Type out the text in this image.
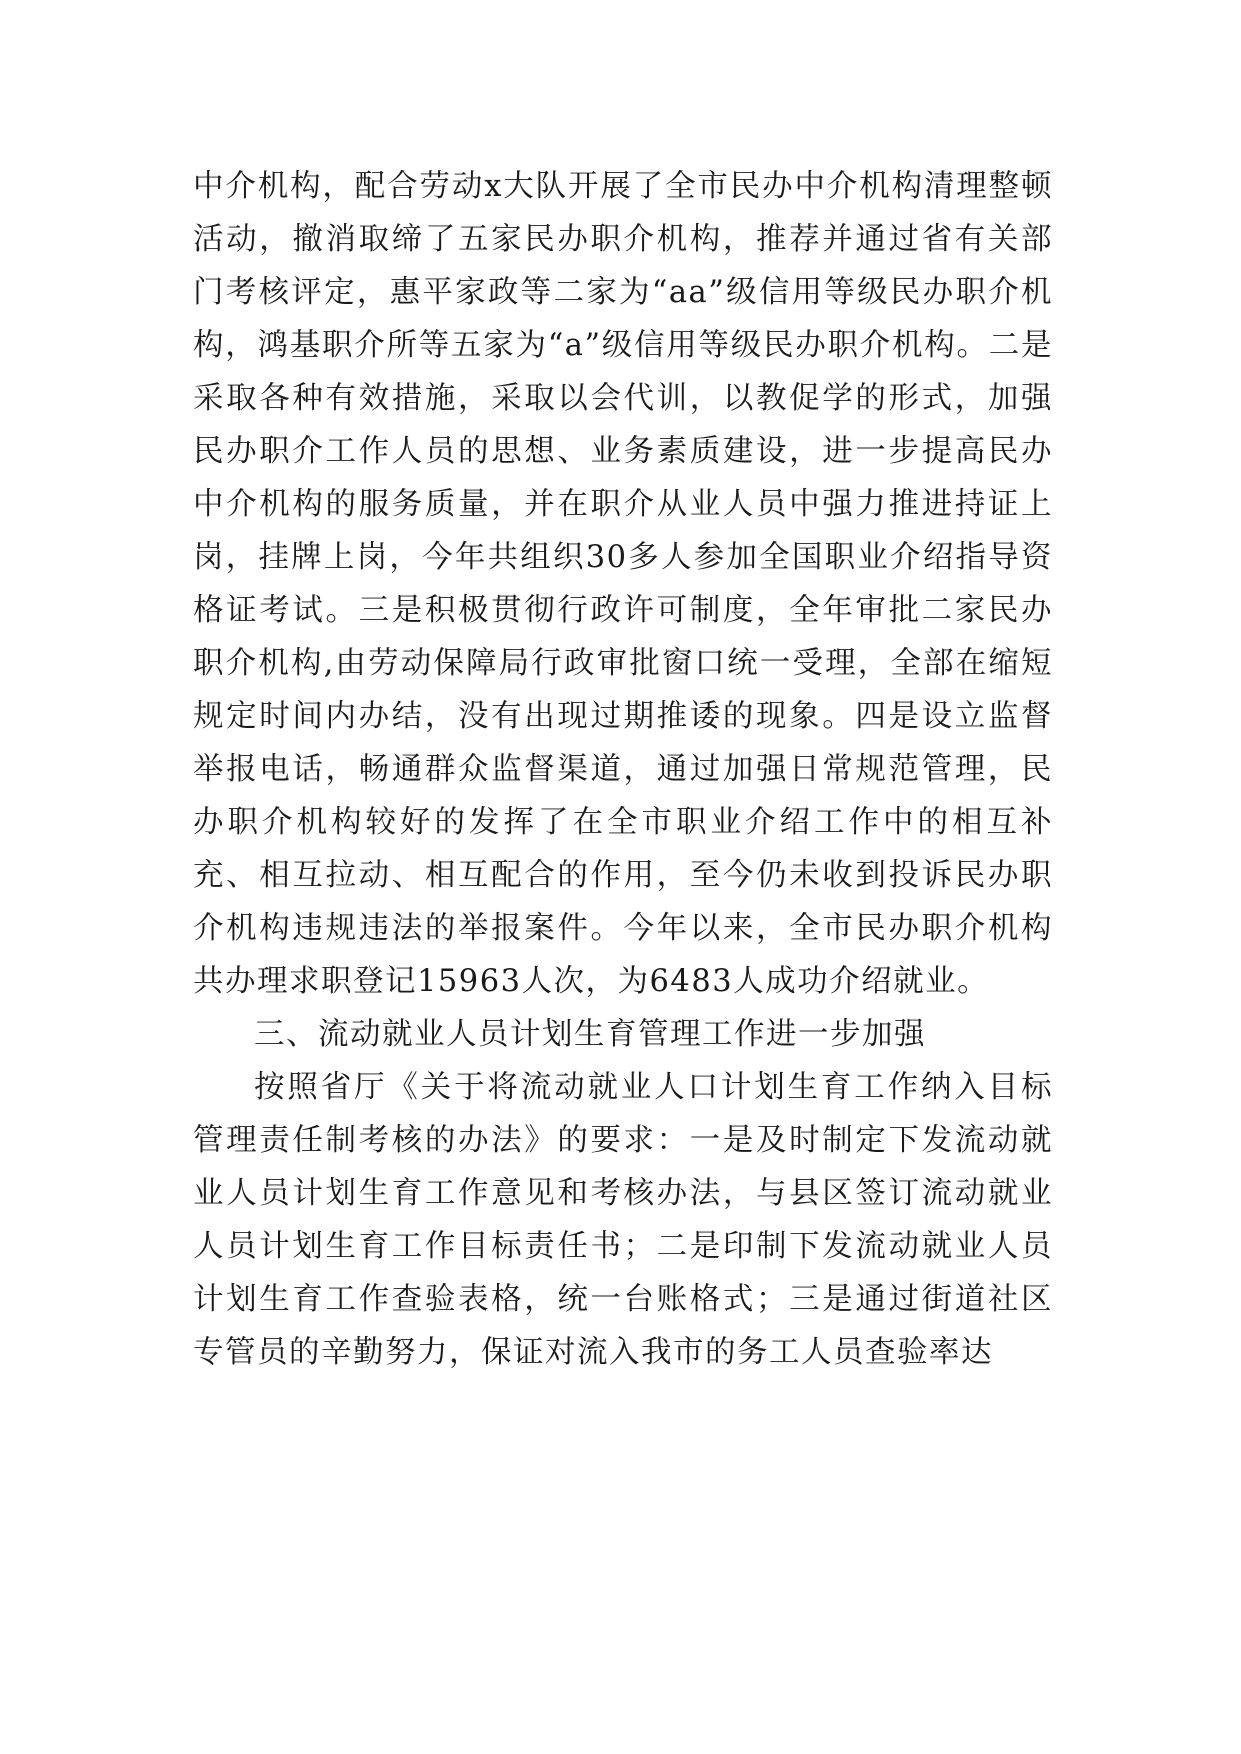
中介机构，配合劳动x大队开展了全市民办中介机构清理整顿活动，撤消取缔了五家民办职介机构，推荐并通过省有关部门考核评定，惠平家政等二家为“aa”级信用等级民办职介机构，鸿基职介所等五家为“a”级信用等级民办职介机构。二是采取各种有效措施，采取以会代训，以教促学的形式，加强民办职介工作人员的思想、业务素质建设，进一步提高民办中介机构的服务质量，并在职介从业人员中强力推进持证上岗，挂牌上岗，今年共组织30多人参加全国职业介绍指导资格证考试。三是积极贯彻行政许可制度，全年审批二家民办职介机构,由劳动保障局行政审批窗口统一受理，全部在缩短规定时间内办结，没有出现过期推诿的现象。四是设立监督举报电话，畅通群众监督渠道，通过加强日常规范管理，民办职介机构较好的发挥了在全市职业介绍工作中的相互补充、相互拉动、相互配合的作用，至今仍未收到投诉民办职介机构违规违法的举报案件。今年以来，全市民办职介机构共办理求职登记15963人次，为6483人成功介绍就业。

三、流动就业人员计划生育管理工作进一步加强

按照省厅《关于将流动就业人口计划生育工作纳入目标管理责任制考核的办法》的要求：一是及时制定下发流动就业人员计划生育工作意见和考核办法，与县区签订流动就业人员计划生育工作目标责任书；二是印制下发流动就业人员计划生育工作查验表格，统一台账格式；三是通过街道社区专管员的辛勤努力，保证对流入我市的务工人员查验率达
